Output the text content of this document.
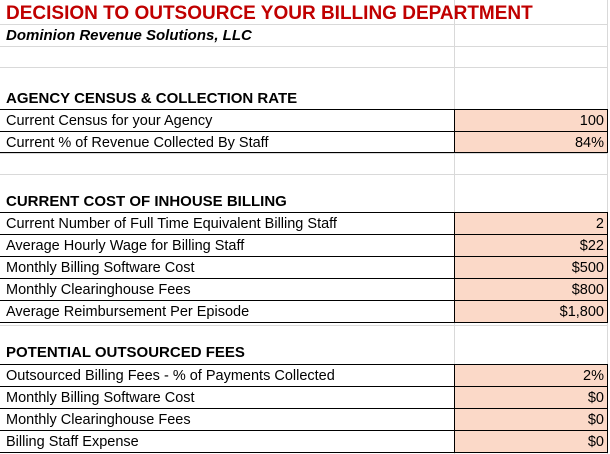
DECISION TO OUTSOURCE YOUR BILLING DEPARTMENT
Dominion Revenue Solutions, LLC
AGENCY CENSUS & COLLECTION RATE
100
Current Census for your Agency
84%
Current % of Revenue Collected By Staff
CURRENT COST OF INHOUSE BILLING
2
Current Number of Full Time Equivalent Billing Staff
$22
Average Hourly Wage for Billing Staff
$500
Monthly Billing Software Cost
$800
Monthly Clearinghouse Fees
$1,800
Average Reimbursement Per Episode
POTENTIAL OUTSOURCED FEES
2%
Outsourced Billing Fees - % of Payments Collected
$0
Monthly Billing Software Cost
$0
Monthly Clearinghouse Fees
$0
Billing Staff Expense
